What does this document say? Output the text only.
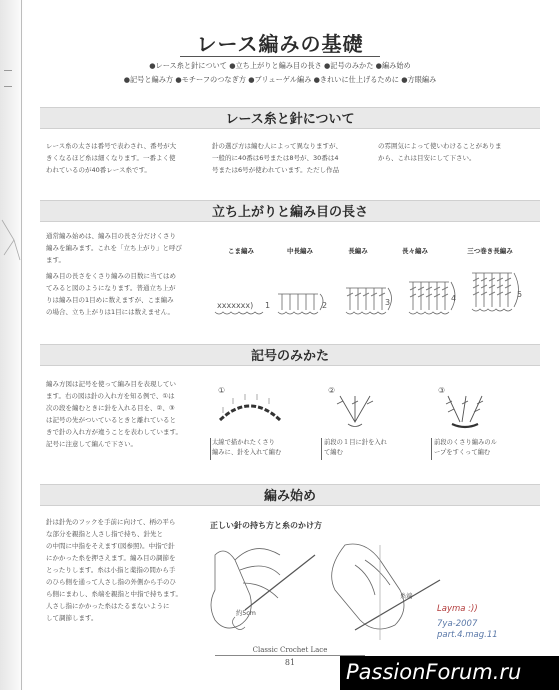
レース編みの基礎
●レース糸と針について ●立ち上がりと編み目の長さ ●記号のみかた ●編み始め
●記号と編み方 ●モチーフのつなぎ方 ●ブリューゲル編み ●きれいに仕上げるために ●方眼編み
レース糸と針について
レース糸の太さは番号で表わされ、番号が大
きくなるほど糸は細くなります。一番よく使
われているのが40番レース糸です。
針の選び方は編む人によって異なりますが、
一般的に40番は6号または8号が、30番は4
号または6号が使われています。ただし作品
の雰囲気によって使いわけることがありま
から、これは目安にして下さい。
立ち上がりと編み目の長さ
通常編み始めは、編み目の長さ分だけくさり
編みを編みます。これを「立ち上がり」と呼び
ます。
編み目の長さをくさり編みの目数に当てはめ
てみると図のようになります。普通立ち上が
りは編み目の1目めに数えますが、こま編み
の場合、立ち上がりは1目には数えません。
こま編み	中長編み	長編み	長々編み	三つ巻き長編み
xxxxxxx) 1	2	3	4	5
記号のみかた
編み方図は記号を使って編み目を表現してい
ます。右の図は針の入れ方を知る例で、①は
次の段を編むときに針を入れる目を、②、③
は記号の先がついているときと離れていると
きで針の入れ方が違うことを表わしています。
記号に注意して編んで下さい。
①	②	③
太線で描かれたくさり
編みに、針を入れて編む
前段の１目に針を入れ
て編む
前段のくさり編みのル
ープをすくって編む
編み始め
針は針先のフックを手前に向けて、柄の平ら
な部分を親指と人さし指で持ち、針先と
の中間に中指をそえます(図参照)。中指で針
にかかった糸を押さえます。編み目の調節を
とったりします。糸は小指と薬指の間から手
のひら側を通って人さし指の外側から手のひ
ら側にまわし、糸端を親指と中指で持ちます。
人さし指にかかった糸はたるまないように
して調節します。
正しい針の持ち方と糸のかけ方
約5cm
糸端
Classic Crochet Lace
81
Layma :))
7ya-2007
part.4.mag.11
PassionForum.ru
